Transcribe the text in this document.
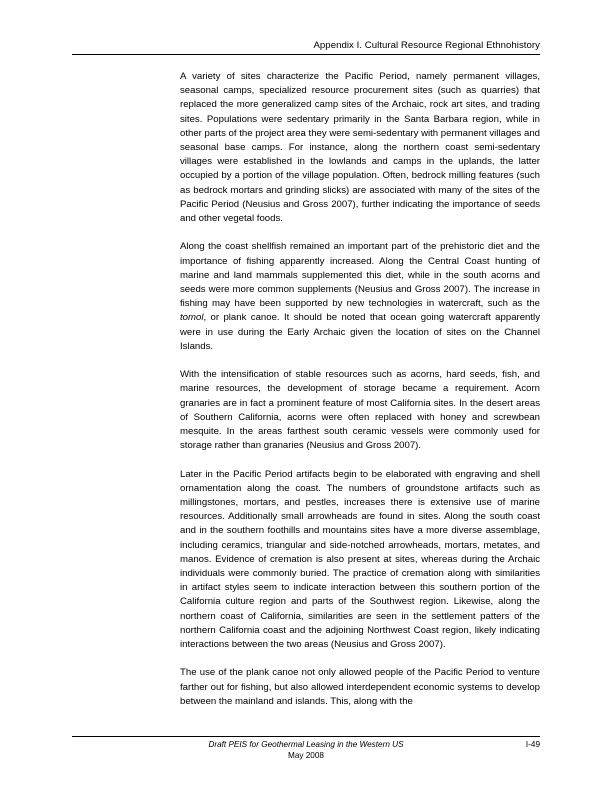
Appendix I. Cultural Resource Regional Ethnohistory

A variety of sites characterize the Pacific Period, namely permanent villages, seasonal camps, specialized resource procurement sites (such as quarries) that replaced the more generalized camp sites of the Archaic, rock art sites, and trading sites. Populations were sedentary primarily in the Santa Barbara region, while in other parts of the project area they were semi-sedentary with permanent villages and seasonal base camps. For instance, along the northern coast semi-sedentary villages were established in the lowlands and camps in the uplands, the latter occupied by a portion of the village population. Often, bedrock milling features (such as bedrock mortars and grinding slicks) are associated with many of the sites of the Pacific Period (Neusius and Gross 2007), further indicating the importance of seeds and other vegetal foods.

Along the coast shellfish remained an important part of the prehistoric diet and the importance of fishing apparently increased. Along the Central Coast hunting of marine and land mammals supplemented this diet, while in the south acorns and seeds were more common supplements (Neusius and Gross 2007). The increase in fishing may have been supported by new technologies in watercraft, such as the tomol, or plank canoe. It should be noted that ocean going watercraft apparently were in use during the Early Archaic given the location of sites on the Channel Islands.

With the intensification of stable resources such as acorns, hard seeds, fish, and marine resources, the development of storage became a requirement. Acorn granaries are in fact a prominent feature of most California sites. In the desert areas of Southern California, acorns were often replaced with honey and screwbean mesquite. In the areas farthest south ceramic vessels were commonly used for storage rather than granaries (Neusius and Gross 2007).

Later in the Pacific Period artifacts begin to be elaborated with engraving and shell ornamentation along the coast. The numbers of groundstone artifacts such as millingstones, mortars, and pestles, increases there is extensive use of marine resources. Additionally small arrowheads are found in sites. Along the south coast and in the southern foothills and mountains sites have a more diverse assemblage, including ceramics, triangular and side-notched arrowheads, mortars, metates, and manos. Evidence of cremation is also present at sites, whereas during the Archaic individuals were commonly buried. The practice of cremation along with similarities in artifact styles seem to indicate interaction between this southern portion of the California culture region and parts of the Southwest region. Likewise, along the northern coast of California, similarities are seen in the settlement patters of the northern California coast and the adjoining Northwest Coast region, likely indicating interactions between the two areas (Neusius and Gross 2007).

The use of the plank canoe not only allowed people of the Pacific Period to venture farther out for fishing, but also allowed interdependent economic systems to develop between the mainland and islands. This, along with the

Draft PEIS for Geothermal Leasing in the Western US
May 2008
I-49
